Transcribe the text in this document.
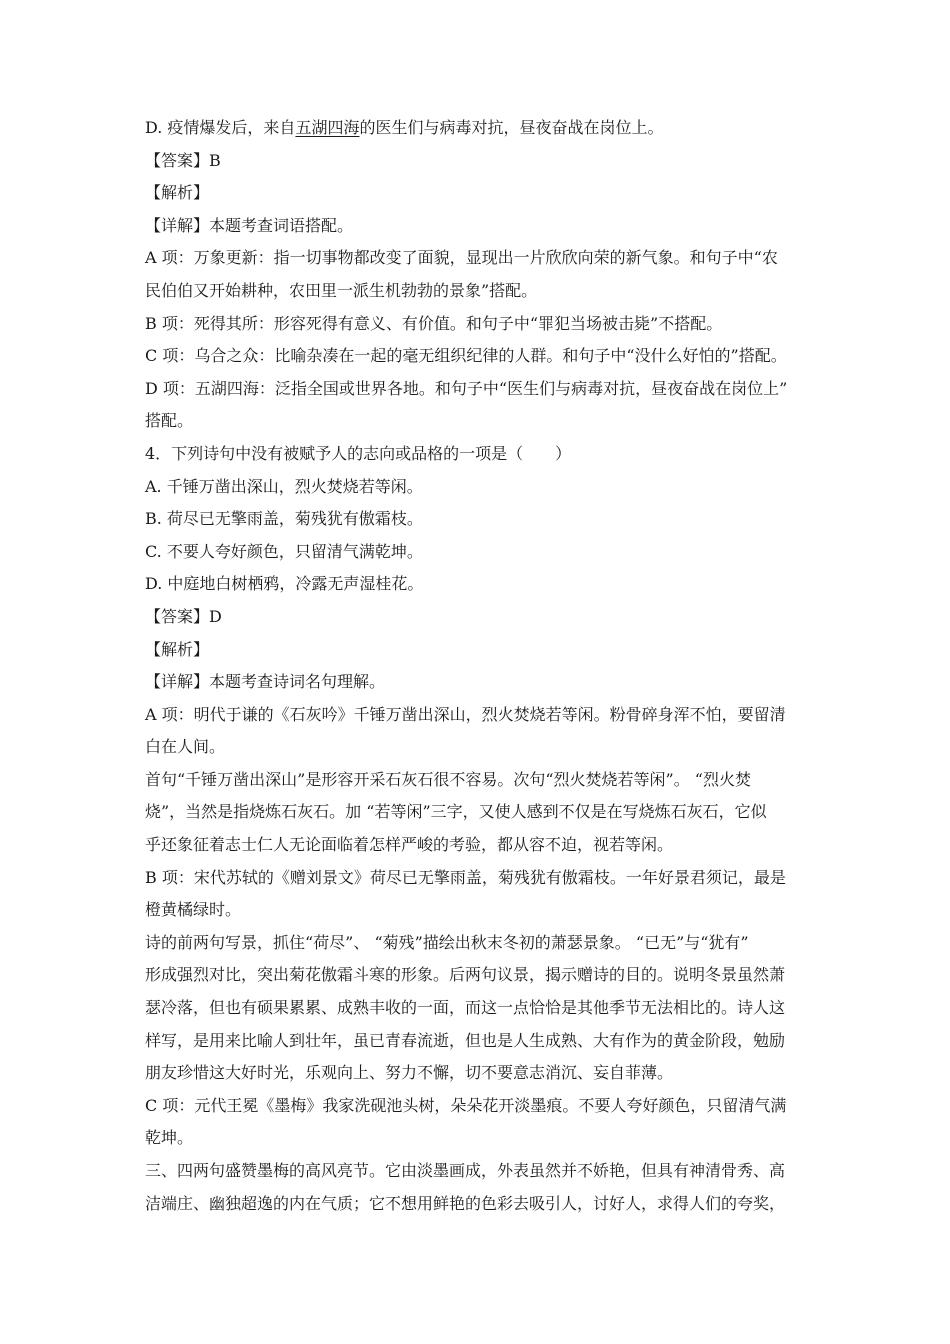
D. 疫情爆发后，来自五湖四海的医生们与病毒对抗，昼夜奋战在岗位上。
【答案】B
【解析】
【详解】本题考查词语搭配。
A 项：万象更新：指一切事物都改变了面貌，显现出一片欣欣向荣的新气象。和句子中“农
民伯伯又开始耕种，农田里一派生机勃勃的景象”搭配。
B 项：死得其所：形容死得有意义、有价值。和句子中“罪犯当场被击毙”不搭配。
C 项：乌合之众：比喻杂凑在一起的毫无组织纪律的人群。和句子中“没什么好怕的”搭配。
D 项：五湖四海：泛指全国或世界各地。和句子中“医生们与病毒对抗，昼夜奋战在岗位上”
搭配。
4．下列诗句中没有被赋予人的志向或品格的一项是（　　）
A. 千锤万凿出深山，烈火焚烧若等闲。
B. 荷尽已无擎雨盖，菊残犹有傲霜枝。
C. 不要人夸好颜色，只留清气满乾坤。
D. 中庭地白树栖鸦，冷露无声湿桂花。
【答案】D
【解析】
【详解】本题考查诗词名句理解。
A 项：明代于谦的《石灰吟》千锤万凿出深山，烈火焚烧若等闲。粉骨碎身浑不怕，要留清
白在人间。
首句“千锤万凿出深山”是形容开采石灰石很不容易。次句“烈火焚烧若等闲”。 “烈火焚
烧”，当然是指烧炼石灰石。加 “若等闲”三字，又使人感到不仅是在写烧炼石灰石，它似
乎还象征着志士仁人无论面临着怎样严峻的考验，都从容不迫，视若等闲。
B 项：宋代苏轼的《赠刘景文》荷尽已无擎雨盖，菊残犹有傲霜枝。一年好景君须记，最是
橙黄橘绿时。
诗的前两句写景，抓住“荷尽”、 “菊残”描绘出秋末冬初的萧瑟景象。 “已无”与“犹有”
形成强烈对比，突出菊花傲霜斗寒的形象。后两句议景，揭示赠诗的目的。说明冬景虽然萧
瑟冷落，但也有硕果累累、成熟丰收的一面，而这一点恰恰是其他季节无法相比的。诗人这
样写，是用来比喻人到壮年，虽已青春流逝，但也是人生成熟、大有作为的黄金阶段，勉励
朋友珍惜这大好时光，乐观向上、努力不懈，切不要意志消沉、妄自菲薄。
C 项：元代王冕《墨梅》我家洗砚池头树，朵朵花开淡墨痕。不要人夸好颜色，只留清气满
乾坤。
三、四两句盛赞墨梅的高风亮节。它由淡墨画成，外表虽然并不娇艳，但具有神清骨秀、高
洁端庄、幽独超逸的内在气质；它不想用鲜艳的色彩去吸引人，讨好人，求得人们的夸奖，
